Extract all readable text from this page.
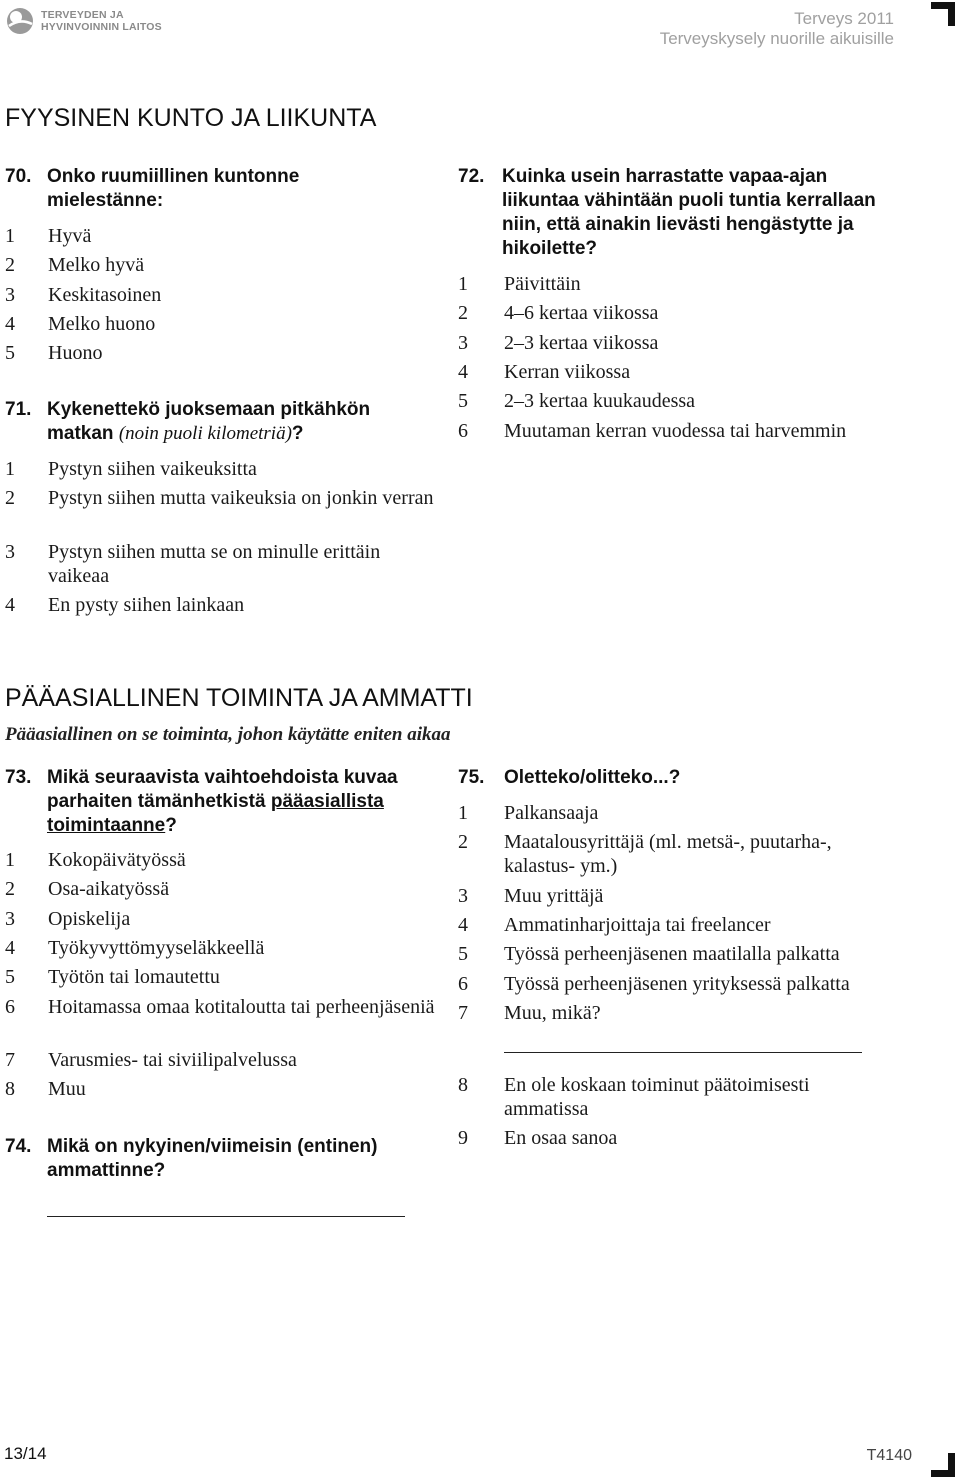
TERVEYDEN JA
HYVINVOINNIN LAITOS	Terveys 2011
Terveyskysely nuorille aikuisille
FYYSINEN KUNTO JA LIIKUNTA
70. Onko ruumiillinen kuntonne mielestänne:
1	Hyvä
2	Melko hyvä
3	Keskitasoinen
4	Melko huono
5	Huono
71. Kykenettekö juoksemaan pitkähkön matkan (noin puoli kilometriä)?
1	Pystyn siihen vaikeuksitta
2	Pystyn siihen mutta vaikeuksia on jonkin verran
3	Pystyn siihen mutta se on minulle erittäin vaikeaa
4	En pysty siihen lainkaan
72. Kuinka usein harrastatte vapaa-ajan liikuntaa vähintään puoli tuntia kerrallaan niin, että ainakin lievästi hengästytte ja hikoilette?
1	Päivittäin
2	4–6 kertaa viikossa
3	2–3 kertaa viikossa
4	Kerran viikossa
5	2–3 kertaa kuukaudessa
6	Muutaman kerran vuodessa tai harvemmin
PÄÄASIALLINEN TOIMINTA JA AMMATTI
Pääasiallinen on se toiminta, johon käytätte eniten aikaa
73. Mikä seuraavista vaihtoehdoista kuvaa parhaiten tämänhetkistä pääasiallista toimintaanne?
1	Kokopäivätyössä
2	Osa-aikatyössä
3	Opiskelija
4	Työkyvyttömyyseläkkeellä
5	Työtön tai lomautettu
6	Hoitamassa omaa kotitaloutta tai perheenjäseniä
7	Varusmies- tai siviilipalvelussa
8	Muu
74. Mikä on nykyinen/viimeisin (entinen) ammattinne?
75.	Oletteko/olitteko...?
1	Palkansaaja
2	Maatalousyrittäjä (ml. metsä-, puutarha-, kalastus- ym.)
3	Muu yrittäjä
4	Ammatinharjoittaja tai freelancer
5	Työssä perheenjäsenen maatilalla palkatta
6	Työssä perheenjäsenen yrityksessä palkatta
7	Muu, mikä?
8	En ole koskaan toiminut päätoimisesti ammatissa
9	En osaa sanoa
13/14	T4140
